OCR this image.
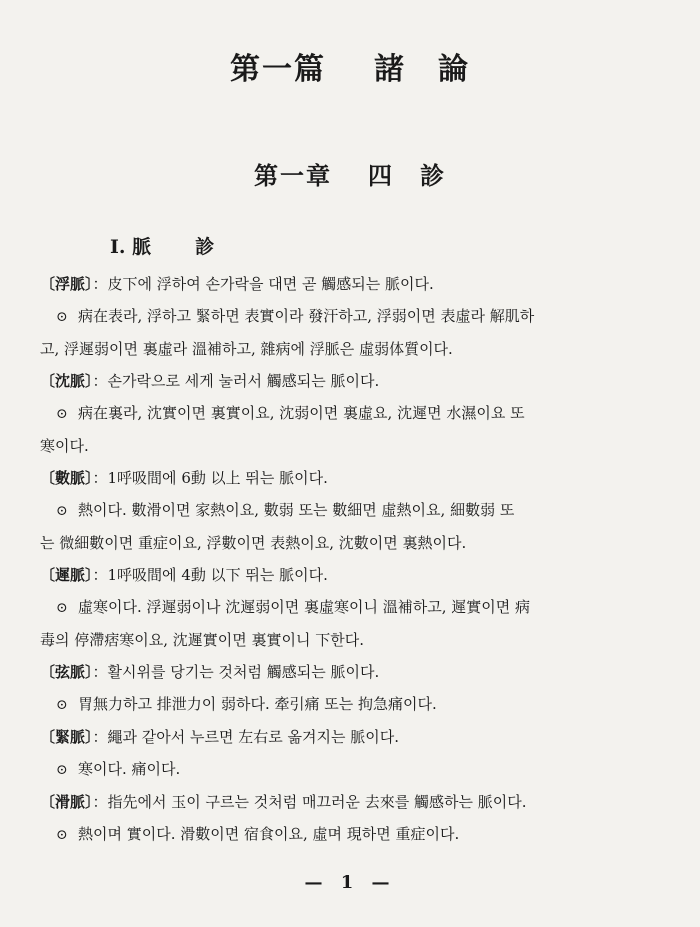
第一篇 諸　論
第一章 四　診
Ⅰ. 脈 診
〔浮脈〕：皮下에 浮하여 손가락을 대면 곧 觸感되는 脈이다.
⊙ 病在表라, 浮하고 緊하면 表實이라 發汗하고, 浮弱이면 表虛라 解肌하
고, 浮遲弱이면 裏虛라 溫補하고, 雜病에 浮脈은 虛弱体質이다.
〔沈脈〕：손가락으로 세게 눌러서 觸感되는 脈이다.
⊙ 病在裏라, 沈實이면 裏實이요, 沈弱이면 裏虛요, 沈遲면 水濕이요 또
寒이다.
〔數脈〕：1呼吸間에 6動 以上 뛰는 脈이다.
⊙ 熱이다. 數滑이면 家熱이요, 數弱 또는 數細면 虛熱이요, 細數弱 또
는 微細數이면 重症이요, 浮數이면 表熱이요, 沈數이면 裏熱이다.
〔遲脈〕：1呼吸間에 4動 以下 뛰는 脈이다.
⊙ 虛寒이다. 浮遲弱이나 沈遲弱이면 裏虛寒이니 溫補하고, 遲實이면 病
毒의 停滯痞寒이요, 沈遲實이면 裏實이니 下한다.
〔弦脈〕：활시위를 당기는 것처럼 觸感되는 脈이다.
⊙ 胃無力하고 排泄力이 弱하다. 牽引痛 또는 拘急痛이다.
〔緊脈〕：繩과 같아서 누르면 左右로 옮겨지는 脈이다.
⊙ 寒이다. 痛이다.
〔滑脈〕：指先에서 玉이 구르는 것처럼 매끄러운 去來를 觸感하는 脈이다.
⊙ 熱이며 實이다. 滑數이면 宿食이요, 虛며 現하면 重症이다.
— 1 —
